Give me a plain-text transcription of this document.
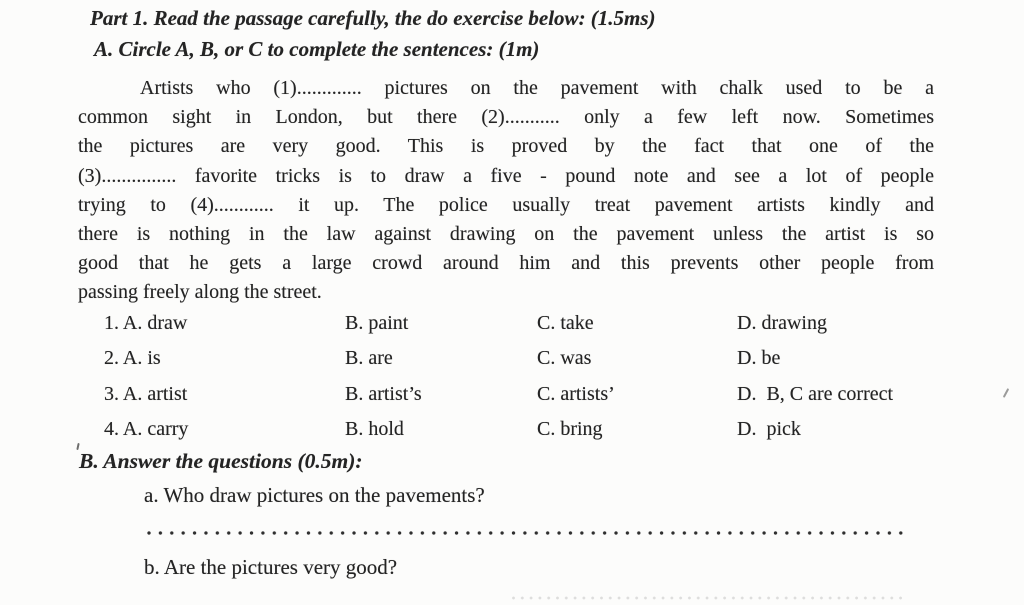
Part 1. Read the passage carefully, the do exercise below: (1.5ms)
A. Circle A, B, or C to complete the sentences: (1m)
Artists who (1)............. pictures on the pavement with chalk used to be a
common sight in London, but there (2)........... only a few left now. Sometimes
the pictures are very good. This is proved by the fact that one of the
(3)............... favorite tricks is to draw a five - pound note and see a lot of people
trying to (4)............ it up. The police usually treat pavement artists kindly and
there is nothing in the law against drawing on the pavement unless the artist is so
good that he gets a large crowd around him and this prevents other people from
passing freely along the street.
1. A. draw	B. paint	C. take	D. drawing
2. A. is	B. are	C. was	D. be
3. A. artist	B. artist’s	C. artists’	D.  B, C are correct
4. A. carry	B. hold	C. bring	D.  pick
B. Answer the questions (0.5m):
a. Who draw pictures on the pavements?
b. Are the pictures very good?
